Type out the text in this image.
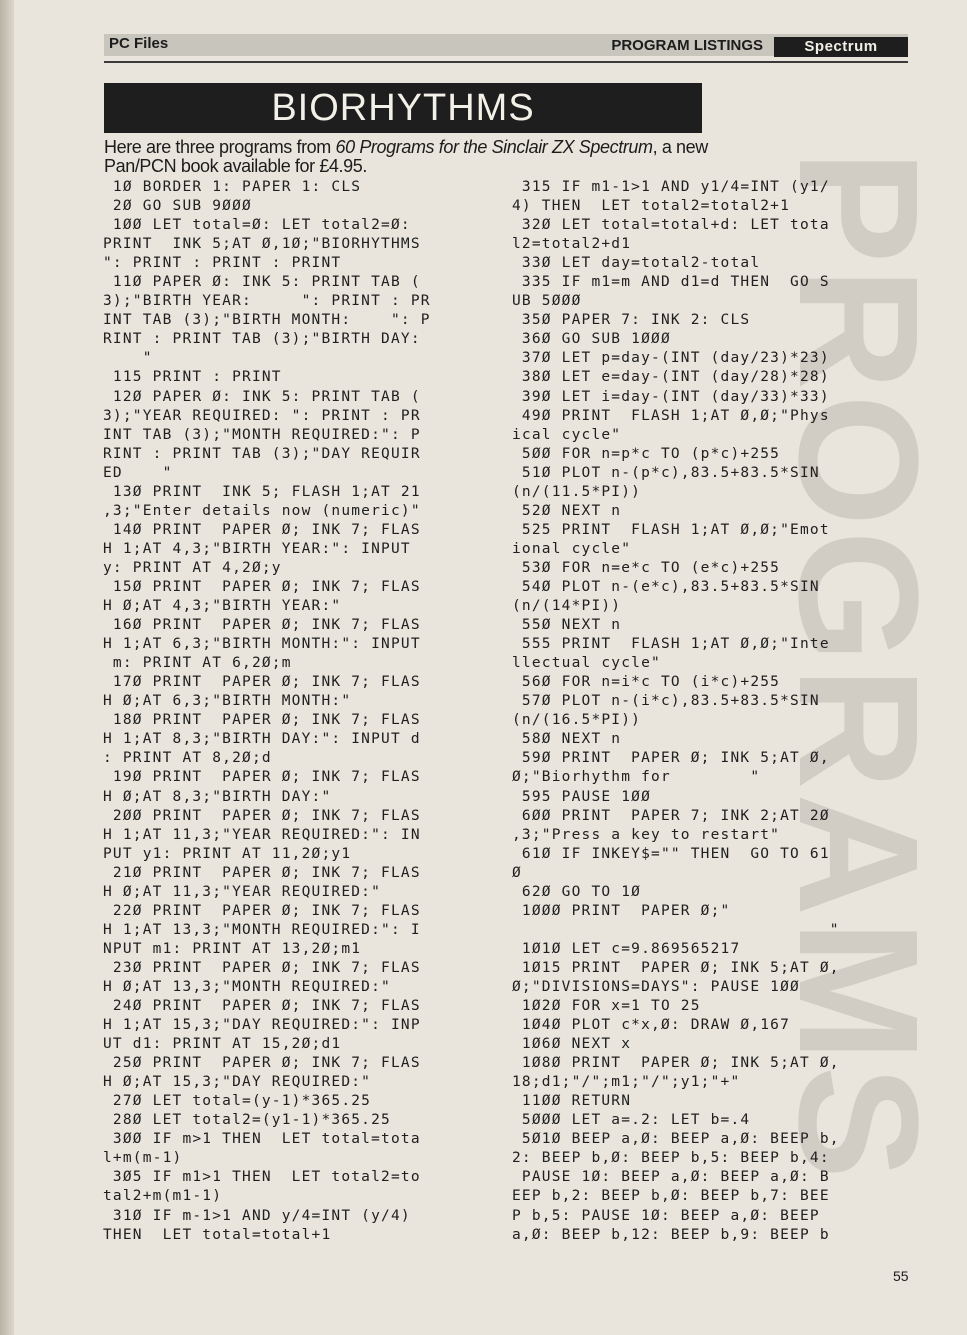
PC Files	PROGRAM LISTINGS	Spectrum
PROGRAMS
BIORHYTHMS
Here are three programs from 60 Programs for the Sinclair ZX Spectrum, a new Pan/PCN book available for £4.95.
1Ø BORDER 1: PAPER 1: CLS
2Ø GO SUB 9ØØØ
1ØØ LET total=Ø: LET total2=Ø:
PRINT  INK 5;AT Ø,1Ø;"BIORHYTHMS
": PRINT : PRINT : PRINT
11Ø PAPER Ø: INK 5: PRINT TAB (
3);"BIRTH YEAR:     ": PRINT : PR
INT TAB (3);"BIRTH MONTH:    ": P
RINT : PRINT TAB (3);"BIRTH DAY:
"
115 PRINT : PRINT
12Ø PAPER Ø: INK 5: PRINT TAB (
3);"YEAR REQUIRED: ": PRINT : PR
INT TAB (3);"MONTH REQUIRED:": P
RINT : PRINT TAB (3);"DAY REQUIR
ED    "
13Ø PRINT  INK 5; FLASH 1;AT 21
,3;"Enter details now (numeric)"
14Ø PRINT  PAPER Ø; INK 7; FLAS
H 1;AT 4,3;"BIRTH YEAR:": INPUT
y: PRINT AT 4,2Ø;y
15Ø PRINT  PAPER Ø; INK 7; FLAS
H Ø;AT 4,3;"BIRTH YEAR:"
16Ø PRINT  PAPER Ø; INK 7; FLAS
H 1;AT 6,3;"BIRTH MONTH:": INPUT
m: PRINT AT 6,2Ø;m
17Ø PRINT  PAPER Ø; INK 7; FLAS
H Ø;AT 6,3;"BIRTH MONTH:"
18Ø PRINT  PAPER Ø; INK 7; FLAS
H 1;AT 8,3;"BIRTH DAY:": INPUT d
: PRINT AT 8,2Ø;d
19Ø PRINT  PAPER Ø; INK 7; FLAS
H Ø;AT 8,3;"BIRTH DAY:"
2ØØ PRINT  PAPER Ø; INK 7; FLAS
H 1;AT 11,3;"YEAR REQUIRED:": IN
PUT y1: PRINT AT 11,2Ø;y1
21Ø PRINT  PAPER Ø; INK 7; FLAS
H Ø;AT 11,3;"YEAR REQUIRED:"
22Ø PRINT  PAPER Ø; INK 7; FLAS
H 1;AT 13,3;"MONTH REQUIRED:": I
NPUT m1: PRINT AT 13,2Ø;m1
23Ø PRINT  PAPER Ø; INK 7; FLAS
H Ø;AT 13,3;"MONTH REQUIRED:"
24Ø PRINT  PAPER Ø; INK 7; FLAS
H 1;AT 15,3;"DAY REQUIRED:": INP
UT d1: PRINT AT 15,2Ø;d1
25Ø PRINT  PAPER Ø; INK 7; FLAS
H Ø;AT 15,3;"DAY REQUIRED:"
27Ø LET total=(y-1)*365.25
28Ø LET total2=(y1-1)*365.25
3ØØ IF m>1 THEN  LET total=tota
l+m(m-1)
3Ø5 IF m1>1 THEN  LET total2=to
tal2+m(m1-1)
31Ø IF m-1>1 AND y/4=INT (y/4)
THEN  LET total=total+1
315 IF m1-1>1 AND y1/4=INT (y1/
4) THEN  LET total2=total2+1
32Ø LET total=total+d: LET tota
l2=total2+d1
33Ø LET day=total2-total
335 IF m1=m AND d1=d THEN  GO S
UB 5ØØØ
35Ø PAPER 7: INK 2: CLS
36Ø GO SUB 1ØØØ
37Ø LET p=day-(INT (day/23)*23)
38Ø LET e=day-(INT (day/28)*28)
39Ø LET i=day-(INT (day/33)*33)
49Ø PRINT  FLASH 1;AT Ø,Ø;"Phys
ical cycle"
5ØØ FOR n=p*c TO (p*c)+255
51Ø PLOT n-(p*c),83.5+83.5*SIN
(n/(11.5*PI))
52Ø NEXT n
525 PRINT  FLASH 1;AT Ø,Ø;"Emot
ional cycle"
53Ø FOR n=e*c TO (e*c)+255
54Ø PLOT n-(e*c),83.5+83.5*SIN
(n/(14*PI))
55Ø NEXT n
555 PRINT  FLASH 1;AT Ø,Ø;"Inte
llectual cycle"
56Ø FOR n=i*c TO (i*c)+255
57Ø PLOT n-(i*c),83.5+83.5*SIN
(n/(16.5*PI))
58Ø NEXT n
59Ø PRINT  PAPER Ø; INK 5;AT Ø,
Ø;"Biorhythm for        "
595 PAUSE 1ØØ
6ØØ PRINT  PAPER 7; INK 2;AT 2Ø
,3;"Press a key to restart"
61Ø IF INKEY$="" THEN  GO TO 61
Ø
62Ø GO TO 1Ø
1ØØØ PRINT  PAPER Ø;"
"
1Ø1Ø LET c=9.869565217
1Ø15 PRINT  PAPER Ø; INK 5;AT Ø,
Ø;"DIVISIONS=DAYS": PAUSE 1ØØ
1Ø2Ø FOR x=1 TO 25
1Ø4Ø PLOT c*x,Ø: DRAW Ø,167
1Ø6Ø NEXT x
1Ø8Ø PRINT  PAPER Ø; INK 5;AT Ø,
18;d1;"/";m1;"/";y1;"+"
11ØØ RETURN
5ØØØ LET a=.2: LET b=.4
5Ø1Ø BEEP a,Ø: BEEP a,Ø: BEEP b,
2: BEEP b,Ø: BEEP b,5: BEEP b,4:
PAUSE 1Ø: BEEP a,Ø: BEEP a,Ø: B
EEP b,2: BEEP b,Ø: BEEP b,7: BEE
P b,5: PAUSE 1Ø: BEEP a,Ø: BEEP
a,Ø: BEEP b,12: BEEP b,9: BEEP b
55
